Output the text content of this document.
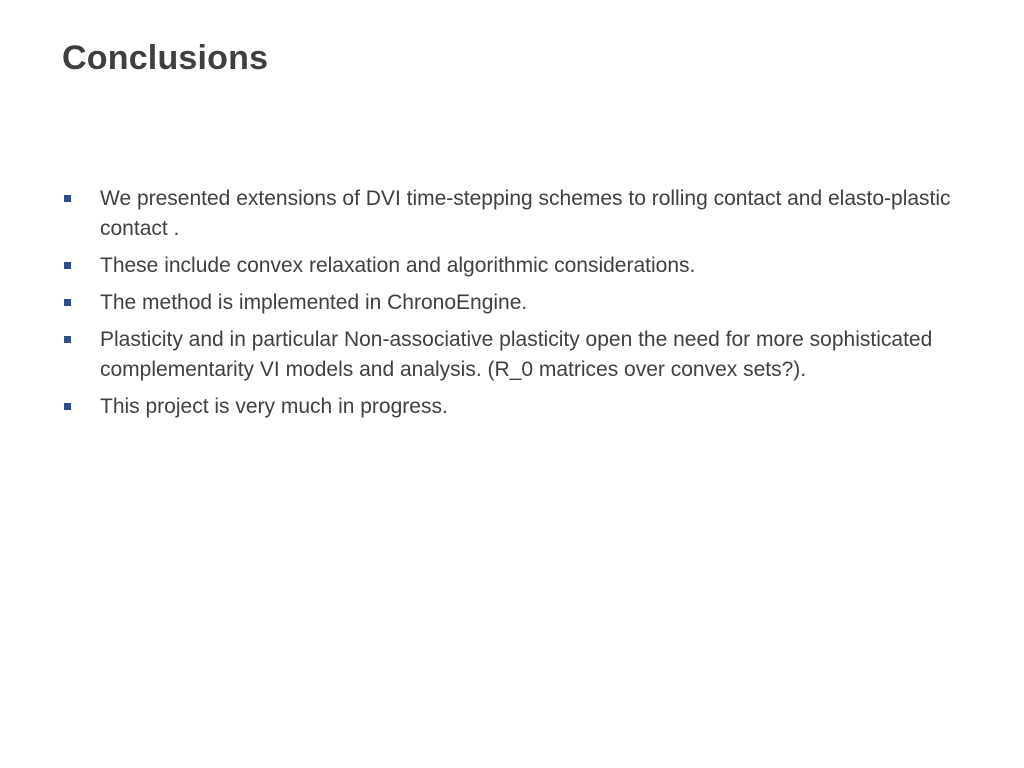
Conclusions
We presented extensions of DVI time-stepping schemes to rolling contact and elasto-plastic contact .
These include convex relaxation and algorithmic considerations.
The method is implemented in ChronoEngine.
Plasticity and in particular Non-associative plasticity open the need for more sophisticated complementarity VI models and analysis. (R_0 matrices over convex sets?).
This project is very much in progress.
